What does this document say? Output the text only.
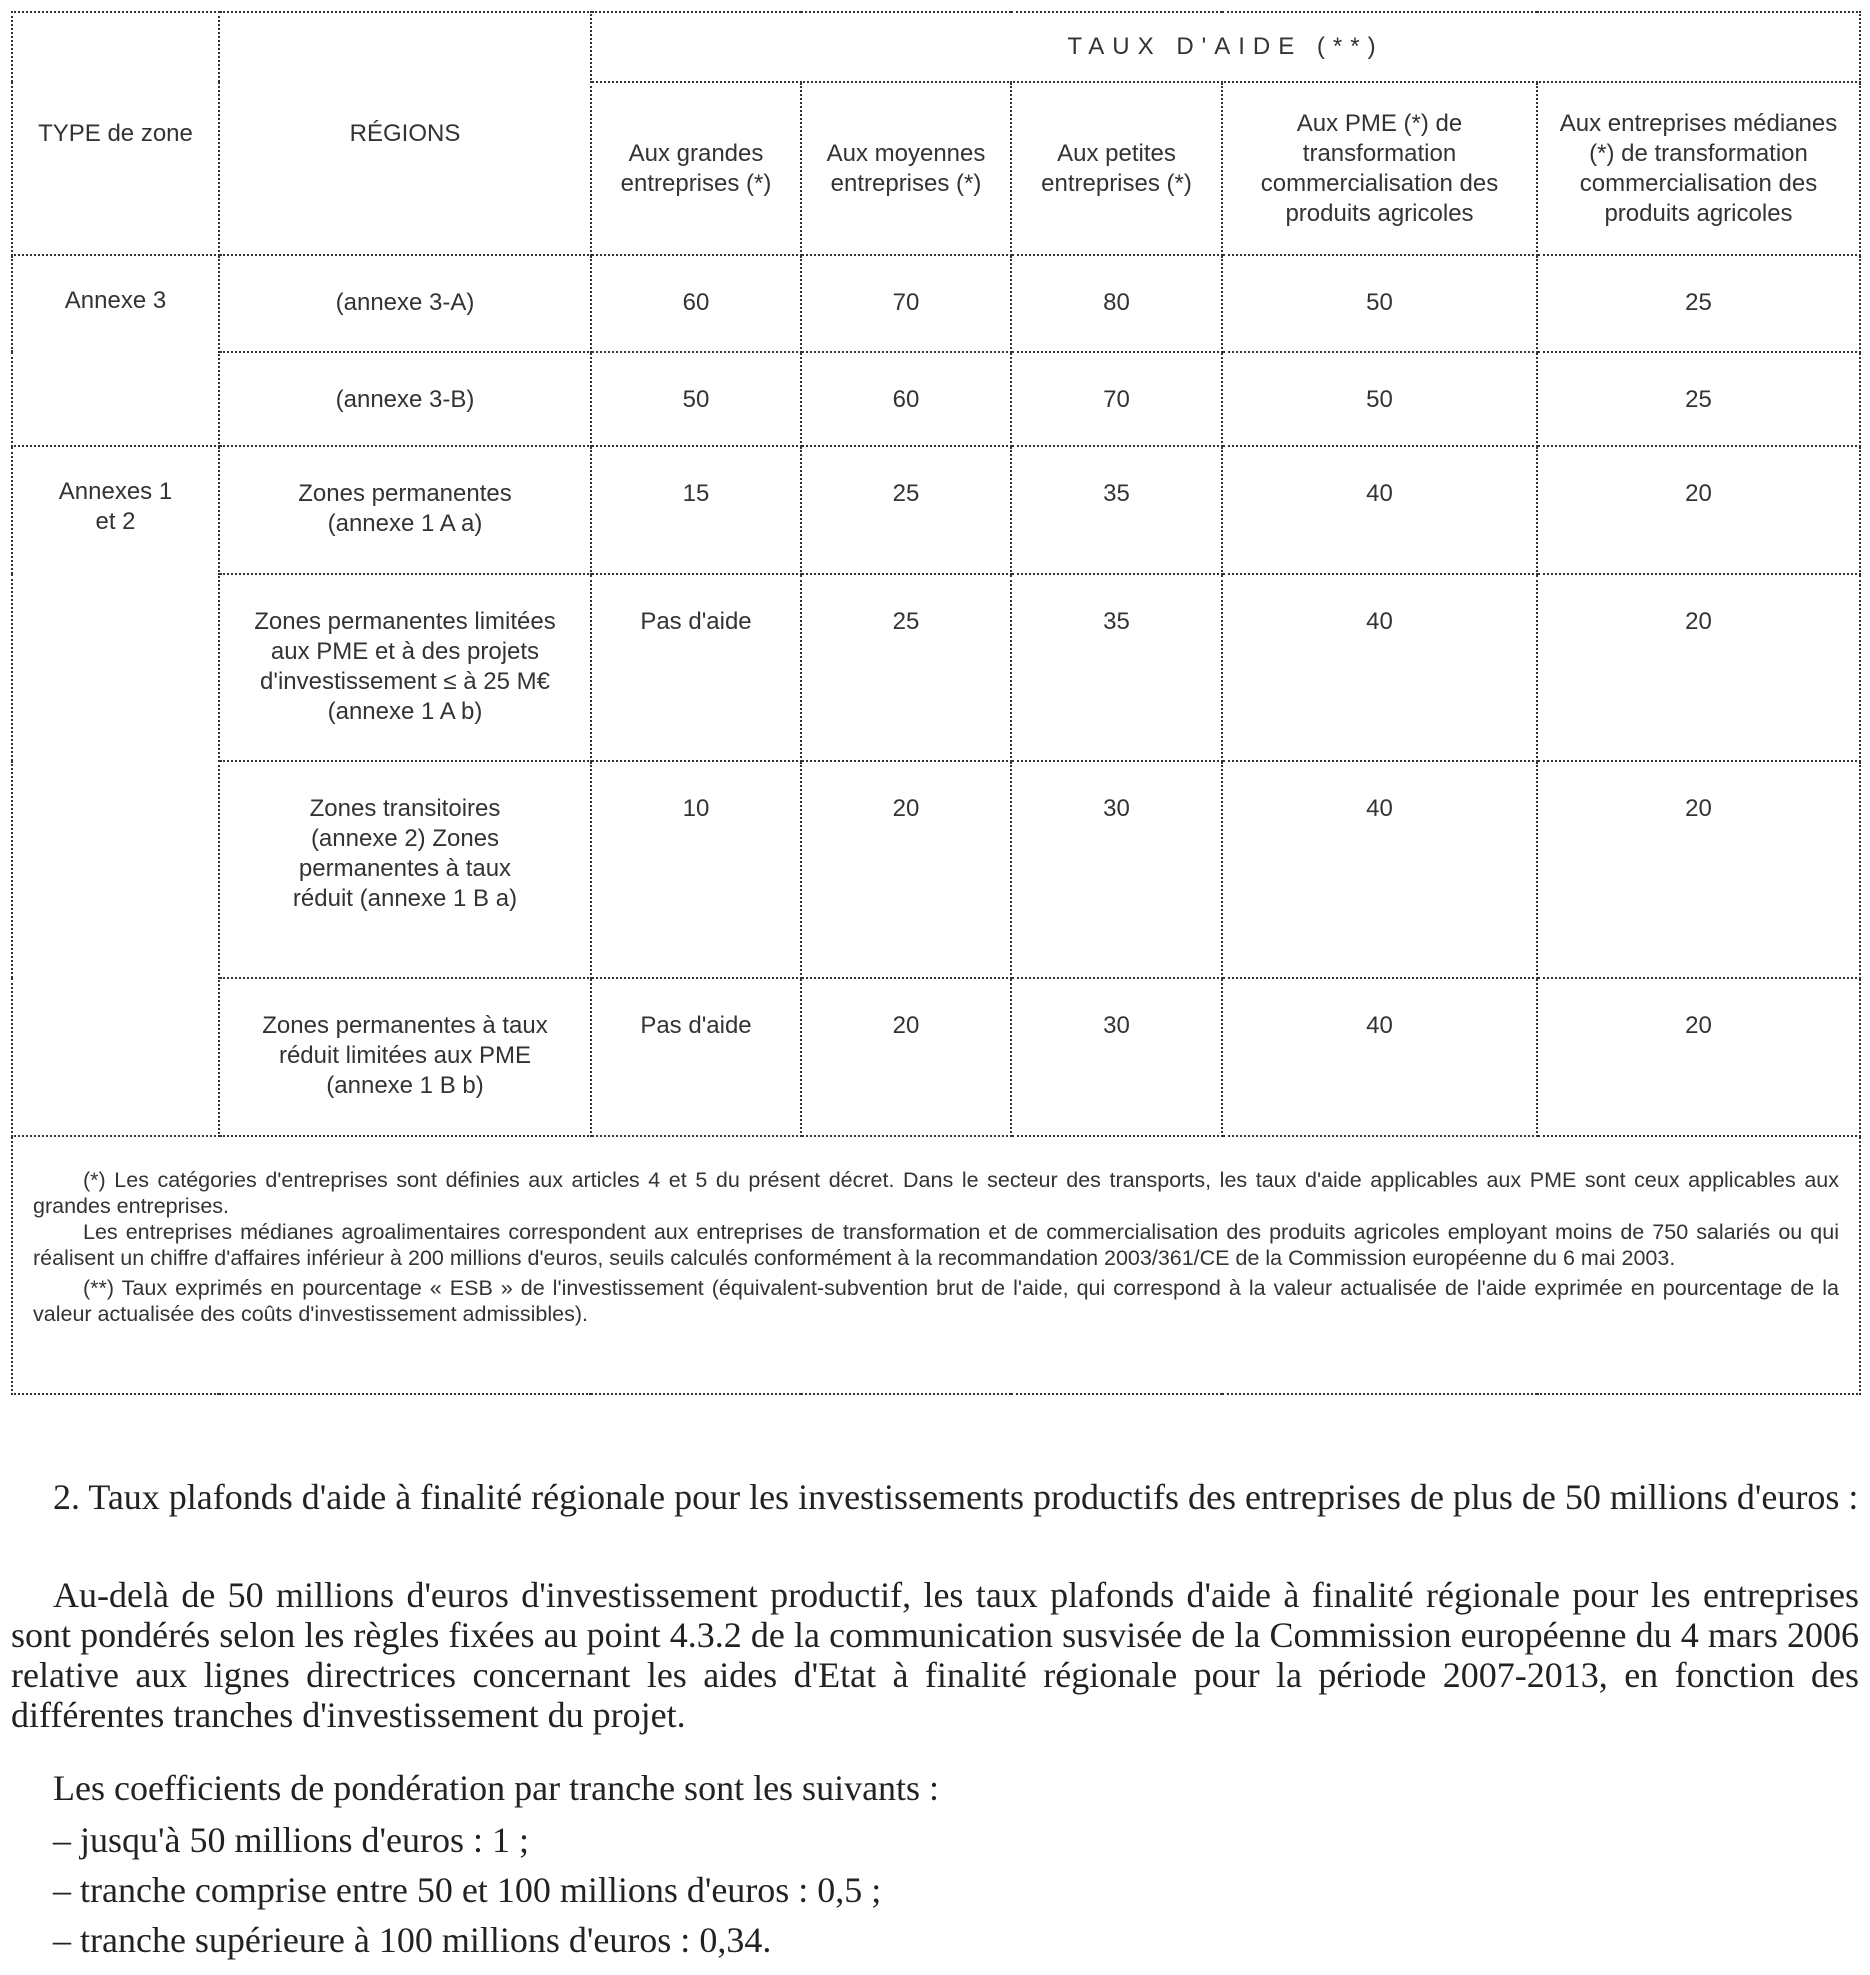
TYPE de zone	RÉGIONS	TAUX D'AIDE (**)				
		Aux grandes entreprises (*)	Aux moyennes entreprises (*)	Aux petites entreprises (*)	Aux PME (*) de transformation commercialisation des produits agricoles	Aux entreprises médianes (*) de transformation commercialisation des produits agricoles
Annexe 3	(annexe 3-A)	60	70	80	50	25
	(annexe 3-B)	50	60	70	50	25
Annexes 1 et 2	Zones permanentes (annexe 1 A a)	15	25	35	40	20
	Zones permanentes limitées aux PME et à des projets d'investissement ≤ à 25 M€ (annexe 1 A b)	Pas d'aide	25	35	40	20
	Zones transitoires (annexe 2) Zones permanentes à taux réduit (annexe 1 B a)	10	20	30	40	20
	Zones permanentes à taux réduit limitées aux PME (annexe 1 B b)	Pas d'aide	20	30	40	20

(*) Les catégories d'entreprises sont définies aux articles 4 et 5 du présent décret. Dans le secteur des transports, les taux d'aide applicables aux PME sont ceux applicables aux grandes entreprises.

Les entreprises médianes agroalimentaires correspondent aux entreprises de transformation et de commercialisation des produits agricoles employant moins de 750 salariés ou qui réalisent un chiffre d'affaires inférieur à 200 millions d'euros, seuils calculés conformément à la recommandation 2003/361/CE de la Commission européenne du 6 mai 2003.

(**) Taux exprimés en pourcentage « ESB » de l'investissement (équivalent-subvention brut de l'aide, qui correspond à la valeur actualisée de l'aide exprimée en pourcentage de la valeur actualisée des coûts d'investissement admissibles).						

2. Taux plafonds d'aide à finalité régionale pour les investissements productifs des entreprises de plus de 50 millions d'euros :

Au-delà de 50 millions d'euros d'investissement productif, les taux plafonds d'aide à finalité régionale pour les entreprises sont pondérés selon les règles fixées au point 4.3.2 de la communication susvisée de la Commission européenne du 4 mars 2006 relative aux lignes directrices concernant les aides d'Etat à finalité régionale pour la période 2007-2013, en fonction des différentes tranches d'investissement du projet.

Les coefficients de pondération par tranche sont les suivants :

– jusqu'à 50 millions d'euros : 1 ;

– tranche comprise entre 50 et 100 millions d'euros : 0,5 ;

– tranche supérieure à 100 millions d'euros : 0,34.
